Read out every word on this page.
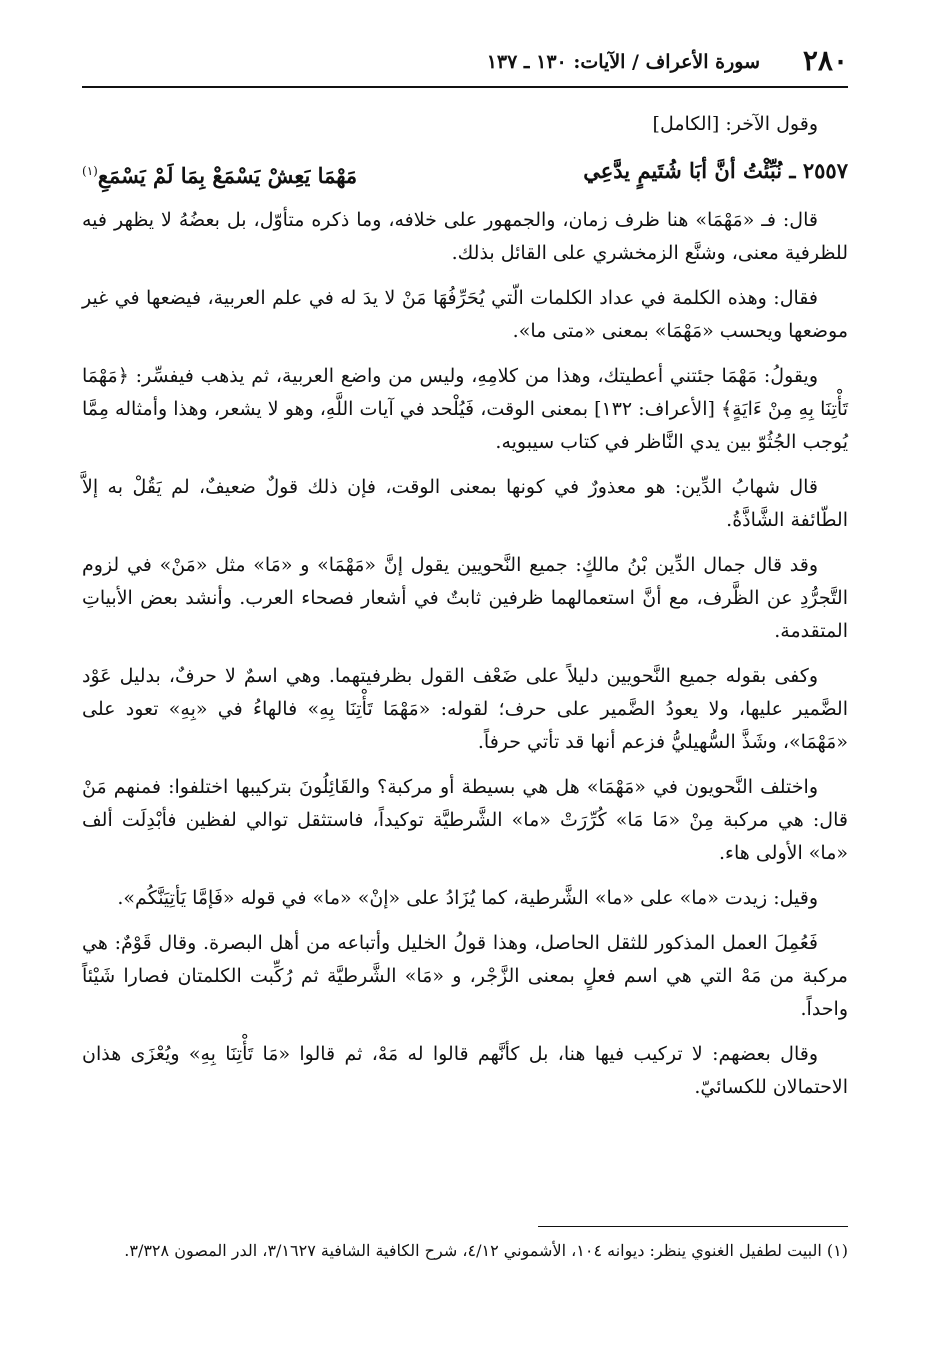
٢٨٠
سورة الأعراف / الآيات: ١٣٠ ـ ١٣٧

وقول الآخر: [الكامل]

٢٥٥٧ ـ نُبِّئْتُ أنَّ أبَا شُتَيمٍ يدَّعِي
مَهْمَا يَعِشْ يَسْمَعْ بِمَا لَمْ يَسْمَعِ$^{(١)}$

قال: فـ «مَهْمَا» هنا ظرف زمان، والجمهور على خلافه، وما ذكره متأوّل، بل بعضُهُ لا يظهر فيه للظرفية معنى، وشنَّع الزمخشري على القائل بذلك.

فقال: وهذه الكلمة في عداد الكلمات الّتي يُحَرِّفُهَا مَنْ لا يدَ له في علم العربية، فيضعها في غير موضعها ويحسب «مَهْمَا» بمعنى «متى ما».

ويقولُ: مَهْمَا جئتني أعطيتك، وهذا من كلامِهِ، وليس من واضع العربية، ثم يذهب فيفسِّر: ﴿مَهْمَا تَأْتِنَا بِهِ مِنْ ءَايَةٍ﴾ [الأعراف: ١٣٢] بمعنى الوقت، فَيُلْحد في آيات اللَّهِ، وهو لا يشعر، وهذا وأمثاله مِمَّا يُوجب الجُثُوّ بين يدي النَّاظر في كتاب سيبويه.

قال شهابُ الدِّين: هو معذورٌ في كونها بمعنى الوقت، فإن ذلك قولٌ ضعيفٌ، لم يَقُلْ به إلاَّ الطّائفة الشَّاذَّةُ.

وقد قال جمال الدِّين بْنُ مالكٍ: جميع النَّحويين يقول إنَّ «مَهْمَا» و «مَا» مثل «مَنْ» في لزوم التَّجرُّدِ عن الظَّرف، مع أنَّ استعمالهما ظرفين ثابتٌ في أشعار فصحاء العرب. وأنشد بعض الأبياتِ المتقدمة.

وكفى بقوله جميع النَّحويين دليلاً على ضَعْف القول بظرفيتهما. وهي اسمٌ لا حرفٌ، بدليل عَوْد الضَّمير عليها، ولا يعودُ الضَّمير على حرف؛ لقوله: «مَهْمَا تَأْتِنَا بِهِ» فالهاءُ في «بِهِ» تعود على «مَهْمَا»، وشَذَّ السُّهيليُّ فزعم أنها قد تأتي حرفاً.

واختلف النَّحويون في «مَهْمَا» هل هي بسيطة أو مركبة؟ والقَائِلُونَ بتركيبها اختلفوا: فمنهم مَنْ قال: هي مركبة مِنْ «مَا مَا» كُرِّرَتْ «ما» الشَّرطيَّة توكيداً، فاستثقل توالي لفظين فأبْدِلَت ألف «ما» الأولى هاء.

وقيل: زيدت «ما» على «ما» الشَّرطية، كما يُزَادُ على «إنْ» «ما» في قوله «فَإمَّا يَأتِيَنَّكُم».

فَعُمِلَ العمل المذكور للثقل الحاصل، وهذا قولُ الخليل وأتباعه من أهل البصرة. وقال قَوْمٌ: هي مركبة من مَهْ التي هي اسم فعلٍ بمعنى الزَّجْر، و «مَا» الشَّرطيَّة ثم رُكِّبت الكلمتان فصارا شَيْئاً واحداً.

وقال بعضهم: لا تركيب فيها هنا، بل كأنَّهم قالوا له مَهْ، ثم قالوا «مَا تَأْتِنَا بِهِ» ويُعْزَى هذان الاحتمالان للكسائيّ.

(١) البيت لطفيل الغنوي ينظر: ديوانه ١٠٤، الأشموني ٤/١٢، شرح الكافية الشافية ٣/١٦٢٧، الدر المصون ٣/٣٢٨.
